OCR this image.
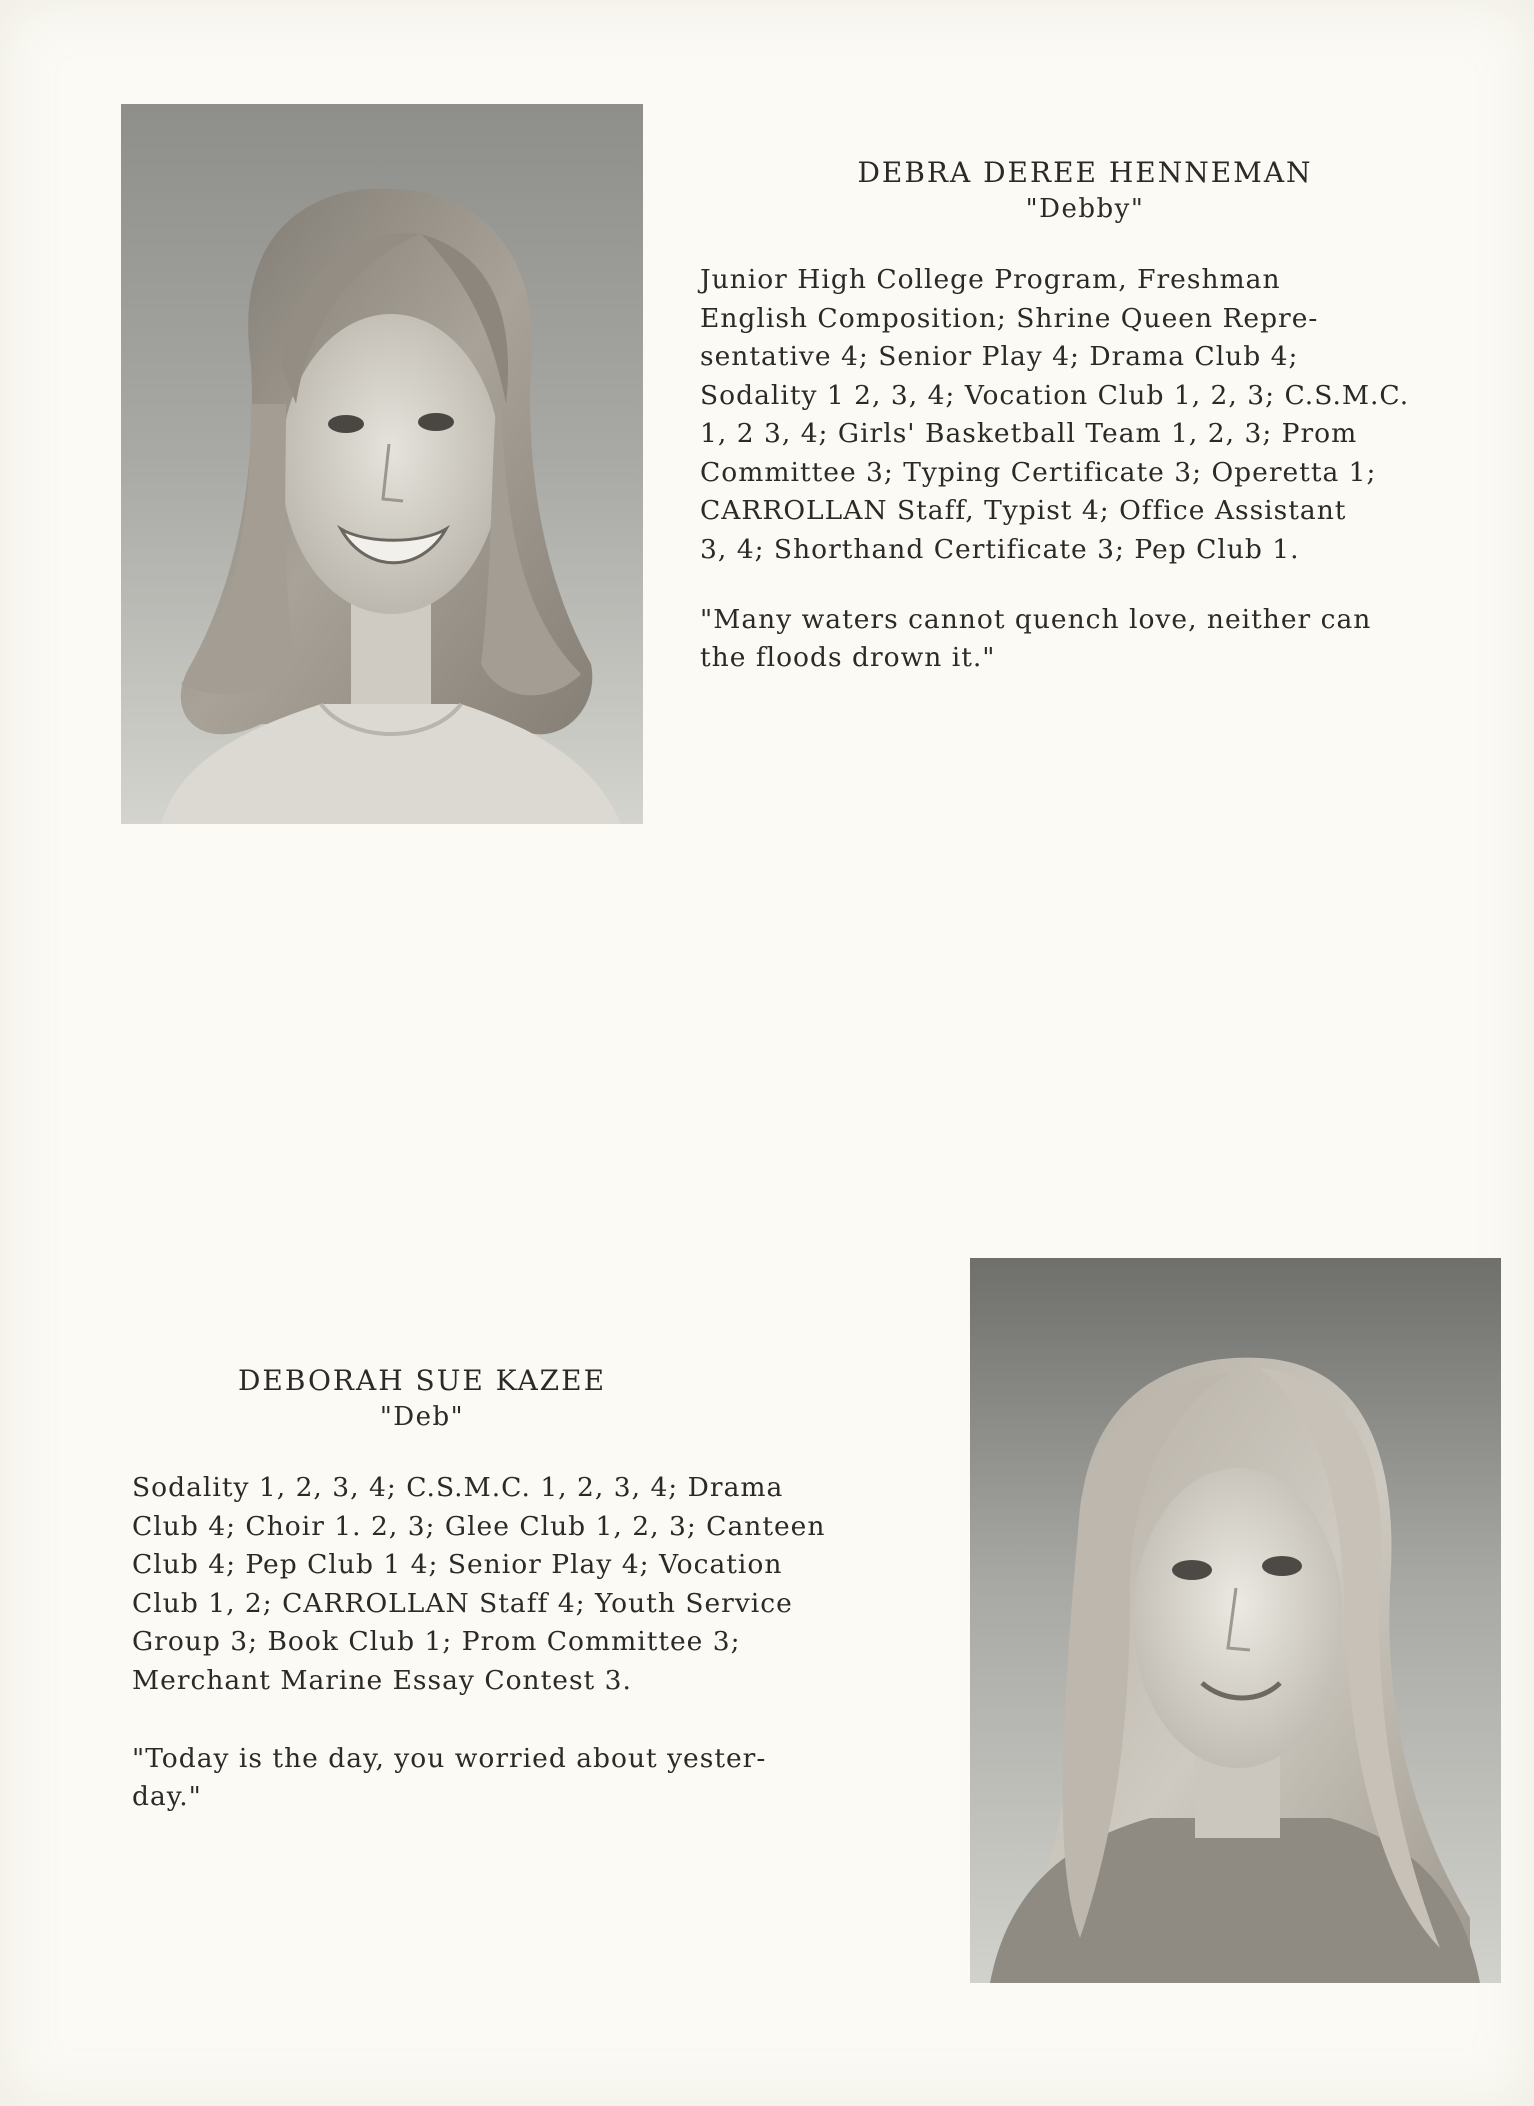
DEBRA DEREE HENNEMAN

"Debby"

Junior High College Program, Freshman
English Composition; Shrine Queen Repre-
sentative 4; Senior Play 4; Drama Club 4;
Sodality 1 2, 3, 4; Vocation Club 1, 2, 3; C.S.M.C.
1, 2 3, 4; Girls' Basketball Team 1, 2, 3; Prom
Committee 3; Typing Certificate 3; Operetta 1;
CARROLLAN Staff, Typist 4; Office Assistant
3, 4; Shorthand Certificate 3; Pep Club 1.

"Many waters cannot quench love, neither can
the floods drown it."

DEBORAH SUE KAZEE

"Deb"

Sodality 1, 2, 3, 4; C.S.M.C. 1, 2, 3, 4; Drama
Club 4; Choir 1. 2, 3; Glee Club 1, 2, 3; Canteen
Club 4; Pep Club 1 4; Senior Play 4; Vocation
Club 1, 2; CARROLLAN Staff 4; Youth Service
Group 3; Book Club 1; Prom Committee 3;
Merchant Marine Essay Contest 3.

"Today is the day, you worried about yester-
day."
